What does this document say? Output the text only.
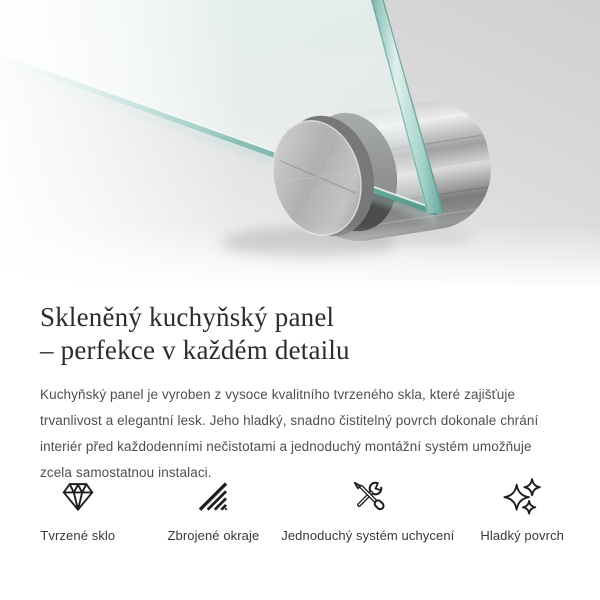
Skleněný kuchyňský panel
– perfekce v každém detailu

Kuchyňský panel je vyroben z vysoce kvalitního tvrzeného skla, které zajišťuje trvanlivost a elegantní lesk. Jeho hladký, snadno čistitelný povrch dokonale chrání interiér před každodenními nečistotami a jednoduchý montážní systém umožňuje zcela samostatnou instalaci.

Tvrzené sklo	Zbrojené okraje Jednoduchý systém uchycení Hladký povrch
